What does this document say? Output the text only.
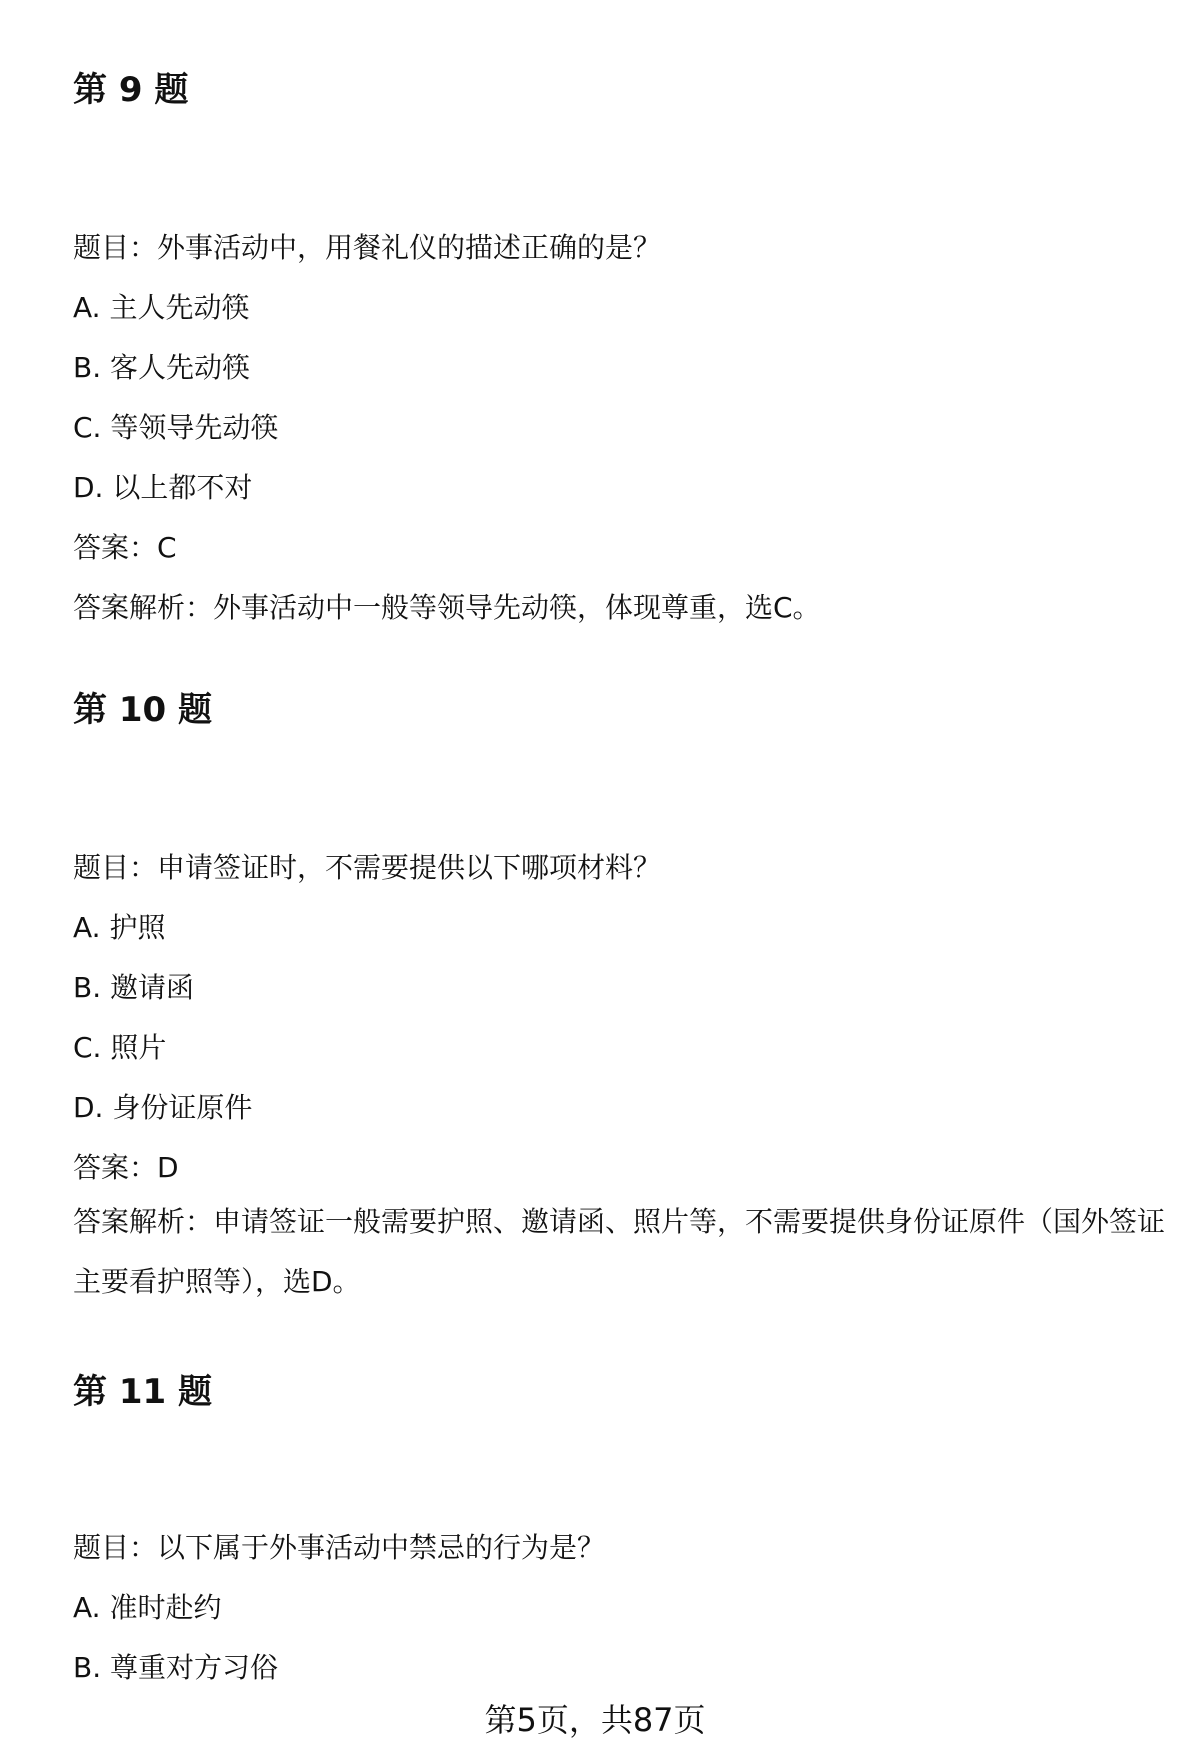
第 9 题
题目：外事活动中，用餐礼仪的描述正确的是？
A. 主人先动筷
B. 客人先动筷
C. 等领导先动筷
D. 以上都不对
答案：C
答案解析：外事活动中一般等领导先动筷，体现尊重，选C。
第 10 题
题目：申请签证时，不需要提供以下哪项材料？
A. 护照
B. 邀请函
C. 照片
D. 身份证原件
答案：D
答案解析：申请签证一般需要护照、邀请函、照片等，不需要提供身份证原件（国外签证主要看护照等），选D。
第 11 题
题目：以下属于外事活动中禁忌的行为是？
A. 准时赴约
B. 尊重对方习俗
第5页，共87页
